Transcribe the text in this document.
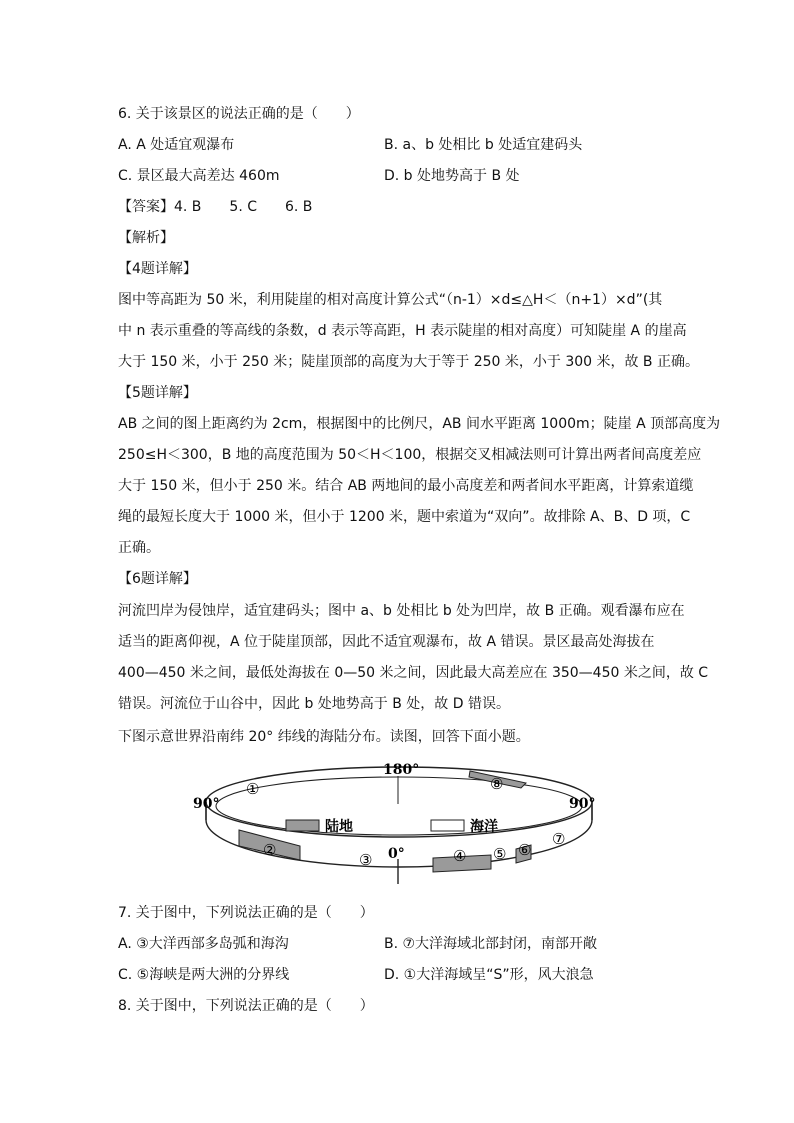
6. 关于该景区的说法正确的是（　　）
A. A 处适宜观瀑布	B. a、b 处相比 b 处适宜建码头
C. 景区最大高差达 460m	D. b 处地势高于 B 处
【答案】4. B　　5. C　　6. B
【解析】
【4题详解】
图中等高距为 50 米，利用陡崖的相对高度计算公式“（n-1）×d≤△H＜（n+1）×d”(其
中 n 表示重叠的等高线的条数，d 表示等高距，H 表示陡崖的相对高度）可知陡崖 A 的崖高
大于 150 米，小于 250 米；陡崖顶部的高度为大于等于 250 米，小于 300 米，故 B 正确。
【5题详解】
AB 之间的图上距离约为 2cm，根据图中的比例尺，AB 间水平距离 1000m；陡崖 A 顶部高度为
250≤H＜300，B 地的高度范围为 50＜H＜100，根据交叉相减法则可计算出两者间高度差应
大于 150 米，但小于 250 米。结合 AB 两地间的最小高度差和两者间水平距离，计算索道缆
绳的最短长度大于 1000 米，但小于 1200 米，题中索道为“双向”。故排除 A、B、D 项，C
正确。
【6题详解】
河流凹岸为侵蚀岸，适宜建码头；图中 a、b 处相比 b 处为凹岸，故 B 正确。观看瀑布应在
适当的距离仰视，A 位于陡崖顶部，因此不适宜观瀑布，故 A 错误。景区最高处海拔在
400—450 米之间，最低处海拔在 0—50 米之间，因此最大高差应在 350—450 米之间，故 C
错误。河流位于山谷中，因此 b 处地势高于 B 处，故 D 错误。
下图示意世界沿南纬 20° 纬线的海陆分布。读图，回答下面小题。
陆地	海洋
180°
0°
90°	90°
①
②
③	④ ⑤ ⑥
⑦
⑧
7. 关于图中，下列说法正确的是（　　）
A. ③大洋西部多岛弧和海沟	B. ⑦大洋海域北部封闭，南部开敞
C. ⑤海峡是两大洲的分界线	D. ①大洋海域呈“S”形，风大浪急
8. 关于图中，下列说法正确的是（　　）
